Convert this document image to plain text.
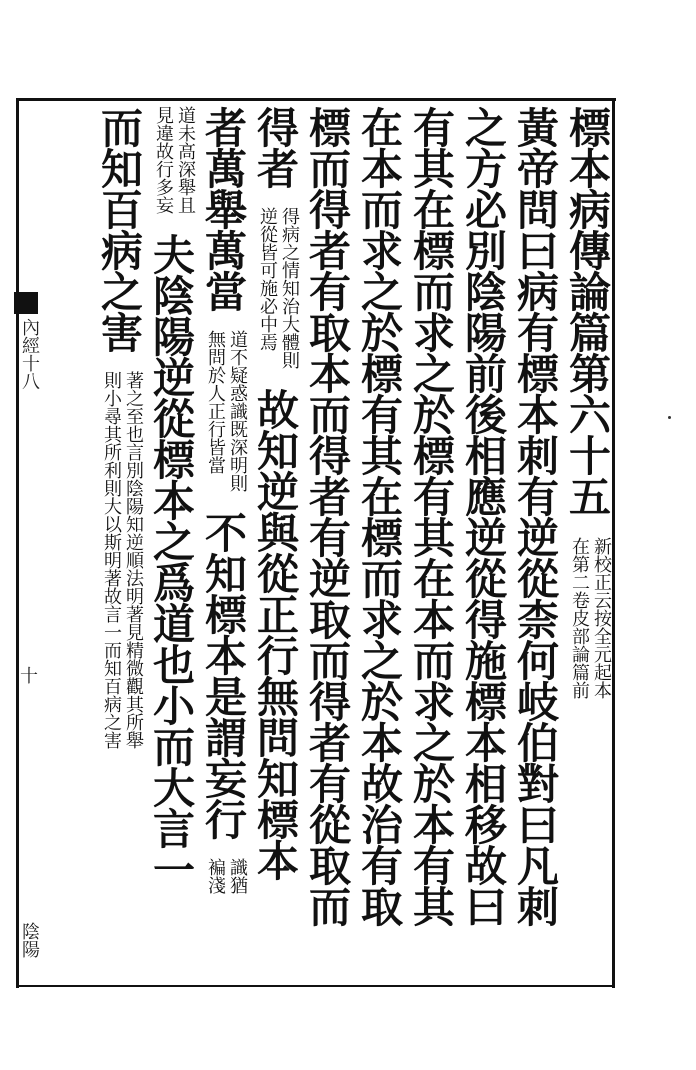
內經十八
十
陰陽
標本病傳論篇第六十五
新校正云按全元起本
在第二卷皮部論篇前
黃帝問曰病有標本刺有逆從柰何岐伯對曰凡刺
之方必別陰陽前後相應逆從得施標本相移故曰
有其在標而求之於標有其在本而求之於本有其
在本而求之於標有其在標而求之於本故治有取
標而得者有取本而得者有逆取而得者有從取而
得者
得病之情知治大體則
逆從皆可施必中焉
故知逆與從正行無問知標本
者萬舉萬當
道不疑惑識既深明則
無問於人正行皆當
不知標本是謂妄行
識猶
褊淺
道未高深舉且
見違故行多妄
夫陰陽逆從標本之爲道也小而大言一
而知百病之害
著之至也言別陰陽知逆順法明著見精微觀其所舉
則小尋其所利則大以斯明著故言一而知百病之害
